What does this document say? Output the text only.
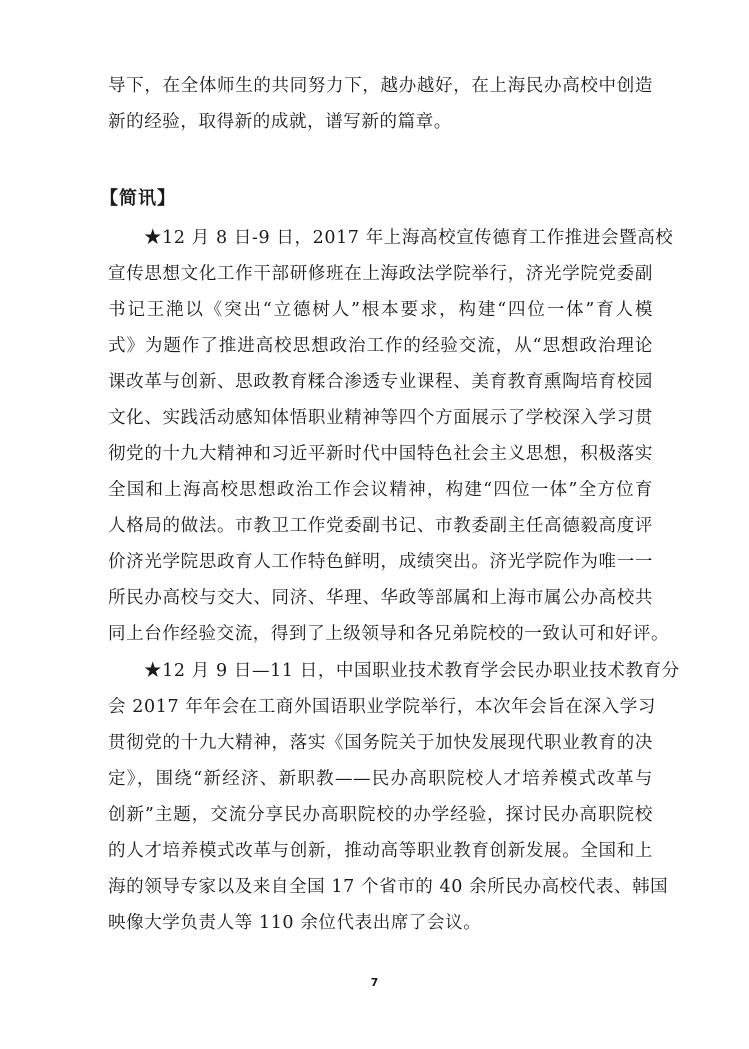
导下，在全体师生的共同努力下，越办越好，在上海民办高校中创造
新的经验，取得新的成就，谱写新的篇章。
【简讯】
★12 月 8 日-9 日，2017 年上海高校宣传德育工作推进会暨高校
宣传思想文化工作干部研修班在上海政法学院举行，济光学院党委副
书记王滟以《突出“立德树人”根本要求，构建“四位一体”育人模
式》为题作了推进高校思想政治工作的经验交流，从“思想政治理论
课改革与创新、思政教育糅合渗透专业课程、美育教育熏陶培育校园
文化、实践活动感知体悟职业精神等四个方面展示了学校深入学习贯
彻党的十九大精神和习近平新时代中国特色社会主义思想，积极落实
全国和上海高校思想政治工作会议精神，构建“四位一体”全方位育
人格局的做法。市教卫工作党委副书记、市教委副主任高德毅高度评
价济光学院思政育人工作特色鲜明，成绩突出。济光学院作为唯一一
所民办高校与交大、同济、华理、华政等部属和上海市属公办高校共
同上台作经验交流，得到了上级领导和各兄弟院校的一致认可和好评。
★12 月 9 日—11 日，中国职业技术教育学会民办职业技术教育分
会 2017 年年会在工商外国语职业学院举行，本次年会旨在深入学习
贯彻党的十九大精神，落实《国务院关于加快发展现代职业教育的决
定》，围绕“新经济、新职教——民办高职院校人才培养模式改革与
创新”主题，交流分享民办高职院校的办学经验，探讨民办高职院校
的人才培养模式改革与创新，推动高等职业教育创新发展。全国和上
海的领导专家以及来自全国 17 个省市的 40 余所民办高校代表、韩国
映像大学负责人等 110 余位代表出席了会议。
7
